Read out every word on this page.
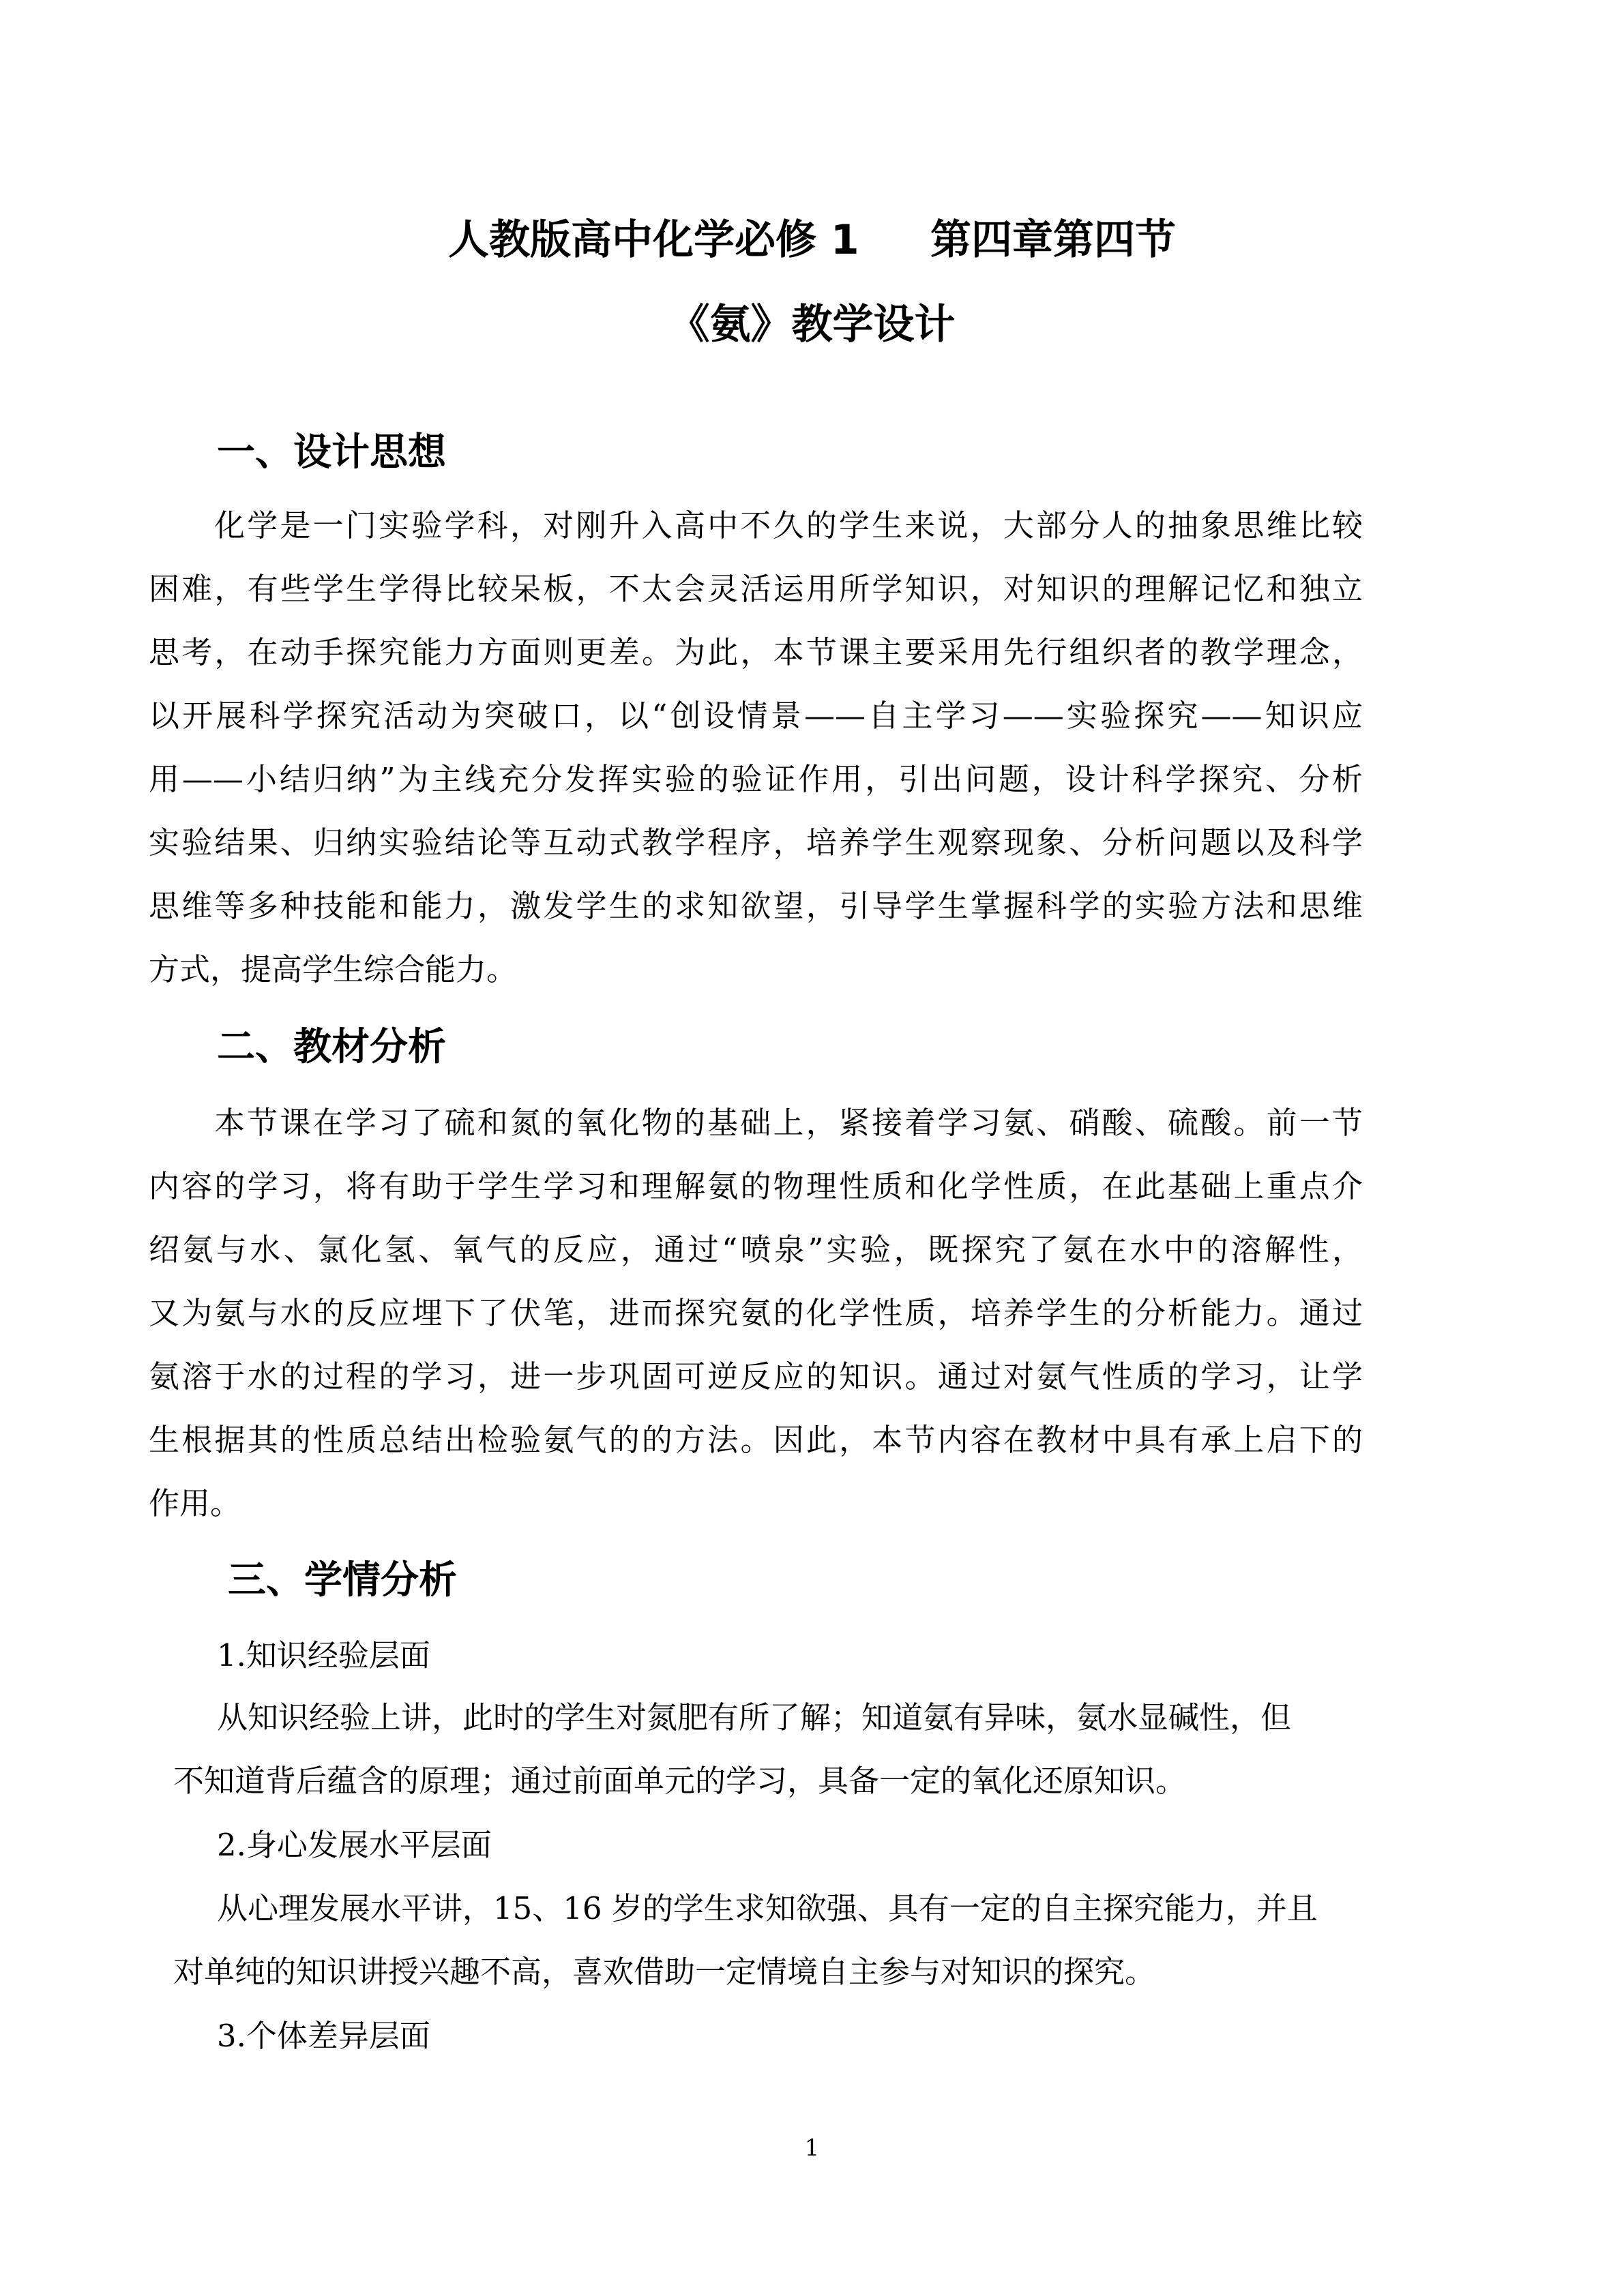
人教版高中化学必修 1     第四章第四节
《氨》教学设计
一、设计思想
化学是一门实验学科，对刚升入高中不久的学生来说，大部分人的抽象思维比较
困难，有些学生学得比较呆板，不太会灵活运用所学知识，对知识的理解记忆和独立
思考，在动手探究能力方面则更差。为此，本节课主要采用先行组织者的教学理念，
以开展科学探究活动为突破口，以“创设情景——自主学习——实验探究——知识应
用——小结归纳”为主线充分发挥实验的验证作用，引出问题，设计科学探究、分析
实验结果、归纳实验结论等互动式教学程序，培养学生观察现象、分析问题以及科学
思维等多种技能和能力，激发学生的求知欲望，引导学生掌握科学的实验方法和思维
方式，提高学生综合能力。
二、教材分析
本节课在学习了硫和氮的氧化物的基础上，紧接着学习氨、硝酸、硫酸。前一节
内容的学习，将有助于学生学习和理解氨的物理性质和化学性质，在此基础上重点介
绍氨与水、氯化氢、氧气的反应，通过“喷泉”实验，既探究了氨在水中的溶解性，
又为氨与水的反应埋下了伏笔，进而探究氨的化学性质，培养学生的分析能力。通过
氨溶于水的过程的学习，进一步巩固可逆反应的知识。通过对氨气性质的学习，让学
生根据其的性质总结出检验氨气的的方法。因此，本节内容在教材中具有承上启下的
作用。
三、学情分析
1.知识经验层面
从知识经验上讲，此时的学生对氮肥有所了解；知道氨有异味，氨水显碱性，但
不知道背后蕴含的原理；通过前面单元的学习，具备一定的氧化还原知识。
2.身心发展水平层面
从心理发展水平讲，15、16 岁的学生求知欲强、具有一定的自主探究能力，并且
对单纯的知识讲授兴趣不高，喜欢借助一定情境自主参与对知识的探究。
3.个体差异层面
1
